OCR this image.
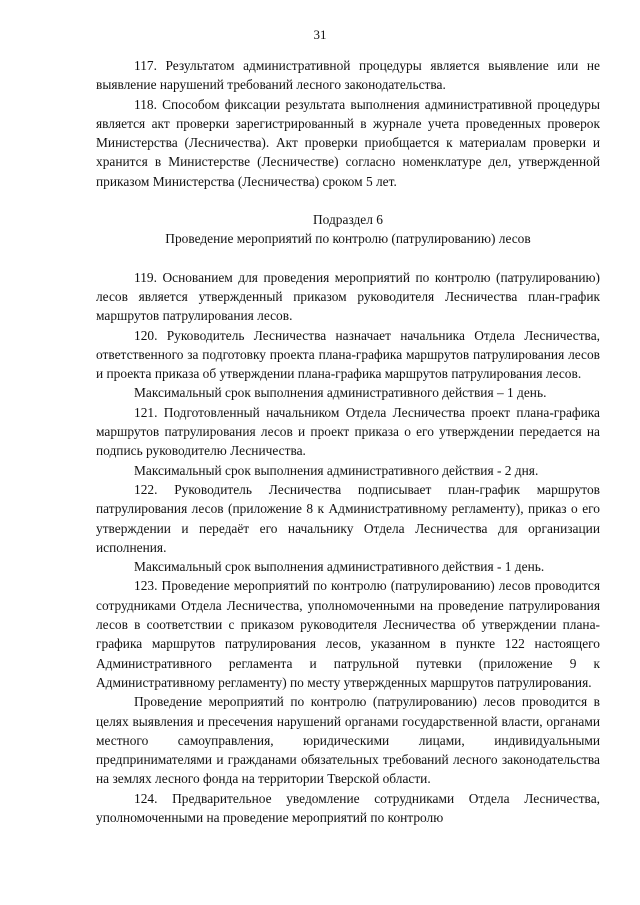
31

117. Результатом административной процедуры является выявление или не выявление нарушений требований лесного законодательства.

118. Способом фиксации результата выполнения административной процедуры является акт проверки зарегистрированный в журнале учета проведенных проверок Министерства (Лесничества). Акт проверки приобщается к материалам проверки и хранится в Министерстве (Лесничестве) согласно номенклатуре дел, утвержденной приказом Министерства (Лесничества) сроком 5 лет.

Подраздел 6

Проведение мероприятий по контролю (патрулированию) лесов

119. Основанием для проведения мероприятий по контролю (патрулированию) лесов является утвержденный приказом руководителя Лесничества план-график маршрутов патрулирования лесов.

120. Руководитель Лесничества назначает начальника Отдела Лесничества, ответственного за подготовку проекта плана-графика маршрутов патрулирования лесов и проекта приказа об утверждении плана-графика маршрутов патрулирования лесов.

Максимальный срок выполнения административного действия – 1 день.

121. Подготовленный начальником Отдела Лесничества проект плана-графика маршрутов патрулирования лесов и проект приказа о его утверждении передается на подпись руководителю Лесничества.

Максимальный срок выполнения административного действия - 2 дня.

122. Руководитель Лесничества подписывает план-график маршрутов патрулирования лесов (приложение 8 к Административному регламенту), приказ о его утверждении и передаёт его начальнику Отдела Лесничества для организации исполнения.

Максимальный срок выполнения административного действия - 1 день.

123. Проведение мероприятий по контролю (патрулированию) лесов проводится сотрудниками Отдела Лесничества, уполномоченными на проведение патрулирования лесов в соответствии с приказом руководителя Лесничества об утверждении плана-графика маршрутов патрулирования лесов, указанном в пункте 122 настоящего Административного регламента и патрульной путевки (приложение 9 к Административному регламенту) по месту утвержденных маршрутов патрулирования.

Проведение мероприятий по контролю (патрулированию) лесов проводится в целях выявления и пресечения нарушений органами государственной власти, органами местного самоуправления, юридическими лицами, индивидуальными предпринимателями и гражданами обязательных требований лесного законодательства на землях лесного фонда на территории Тверской области.

124. Предварительное уведомление сотрудниками Отдела Лесничества, уполномоченными на проведение мероприятий по контролю
